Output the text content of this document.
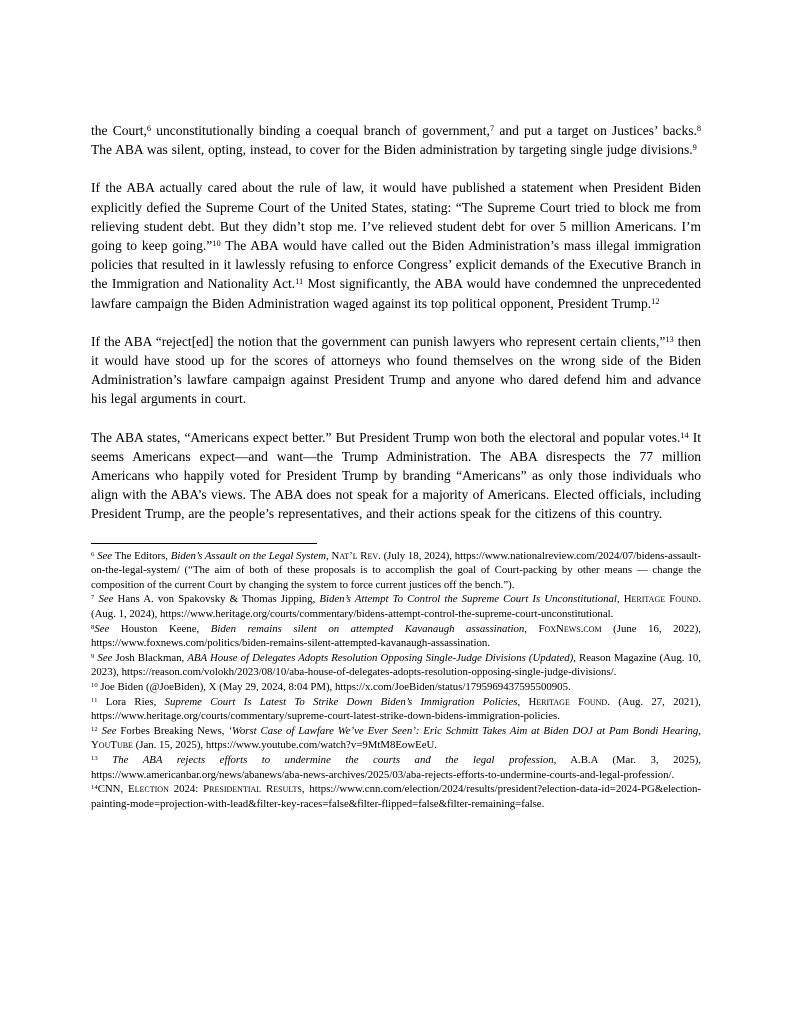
the Court,$^6$ unconstitutionally binding a coequal branch of government,$^7$ and put a target on Justices’ backs.$^8$ The ABA was silent, opting, instead, to cover for the Biden administration by targeting single judge divisions.$^9$

If the ABA actually cared about the rule of law, it would have published a statement when President Biden explicitly defied the Supreme Court of the United States, stating: “The Supreme Court tried to block me from relieving student debt. But they didn’t stop me. I’ve relieved student debt for over 5 million Americans. I’m going to keep going.”$^{10}$ The ABA would have called out the Biden Administration’s mass illegal immigration policies that resulted in it lawlessly refusing to enforce Congress’ explicit demands of the Executive Branch in the Immigration and Nationality Act.$^{11}$ Most significantly, the ABA would have condemned the unprecedented lawfare campaign the Biden Administration waged against its top political opponent, President Trump.$^{12}$

If the ABA “reject[ed] the notion that the government can punish lawyers who represent certain clients,”$^{13}$ then it would have stood up for the scores of attorneys who found themselves on the wrong side of the Biden Administration’s lawfare campaign against President Trump and anyone who dared defend him and advance his legal arguments in court.

The ABA states, “Americans expect better.” But President Trump won both the electoral and popular votes.$^{14}$ It seems Americans expect—and want—the Trump Administration. The ABA disrespects the 77 million Americans who happily voted for President Trump by branding “Americans” as only those individuals who align with the ABA’s views. The ABA does not speak for a majority of Americans. Elected officials, including President Trump, are the people’s representatives, and their actions speak for the citizens of this country.

$^6$ See The Editors, Biden’s Assault on the Legal System, Nat’l Rev. (July 18, 2024), https://www.nationalreview.com/2024/07/bidens-assault-on-the-legal-system/ (“The aim of both of these proposals is to accomplish the goal of Court-packing by other means — change the composition of the current Court by changing the system to force current justices off the bench.”).

$^7$ See Hans A. von Spakovsky & Thomas Jipping, Biden’s Attempt To Control the Supreme Court Is Unconstitutional, Heritage Found. (Aug. 1, 2024), https://www.heritage.org/courts/commentary/bidens-attempt-control-the-supreme-court-unconstitutional.

$^8$See Houston Keene, Biden remains silent on attempted Kavanaugh assassination, FoxNews.com (June 16, 2022), https://www.foxnews.com/politics/biden-remains-silent-attempted-kavanaugh-assassination.

$^9$ See Josh Blackman, ABA House of Delegates Adopts Resolution Opposing Single-Judge Divisions (Updated), Reason Magazine (Aug. 10, 2023), https://reason.com/volokh/2023/08/10/aba-house-of-delegates-adopts-resolution-opposing-single-judge-divisions/.

$^{10}$ Joe Biden (@JoeBiden), X (May 29, 2024, 8:04 PM), https://x.com/JoeBiden/status/1795969437595500905.

$^{11}$ Lora Ries, Supreme Court Is Latest To Strike Down Biden’s Immigration Policies, Heritage Found. (Aug. 27, 2021), https://www.heritage.org/courts/commentary/supreme-court-latest-strike-down-bidens-immigration-policies.

$^{12}$ See Forbes Breaking News, ‘Worst Case of Lawfare We’ve Ever Seen’: Eric Schmitt Takes Aim at Biden DOJ at Pam Bondi Hearing, YouTube (Jan. 15, 2025), https://www.youtube.com/watch?v=9MtM8EowEeU.

$^{13}$ The ABA rejects efforts to undermine the courts and the legal profession, A.B.A (Mar. 3, 2025), https://www.americanbar.org/news/abanews/aba-news-archives/2025/03/aba-rejects-efforts-to-undermine-courts-and-legal-profession/.

$^{14}$CNN, Election 2024: Presidential Results, https://www.cnn.com/election/2024/results/president?election-data-id=2024-PG&election-painting-mode=projection-with-lead&filter-key-races=false&filter-flipped=false&filter-remaining=false.
